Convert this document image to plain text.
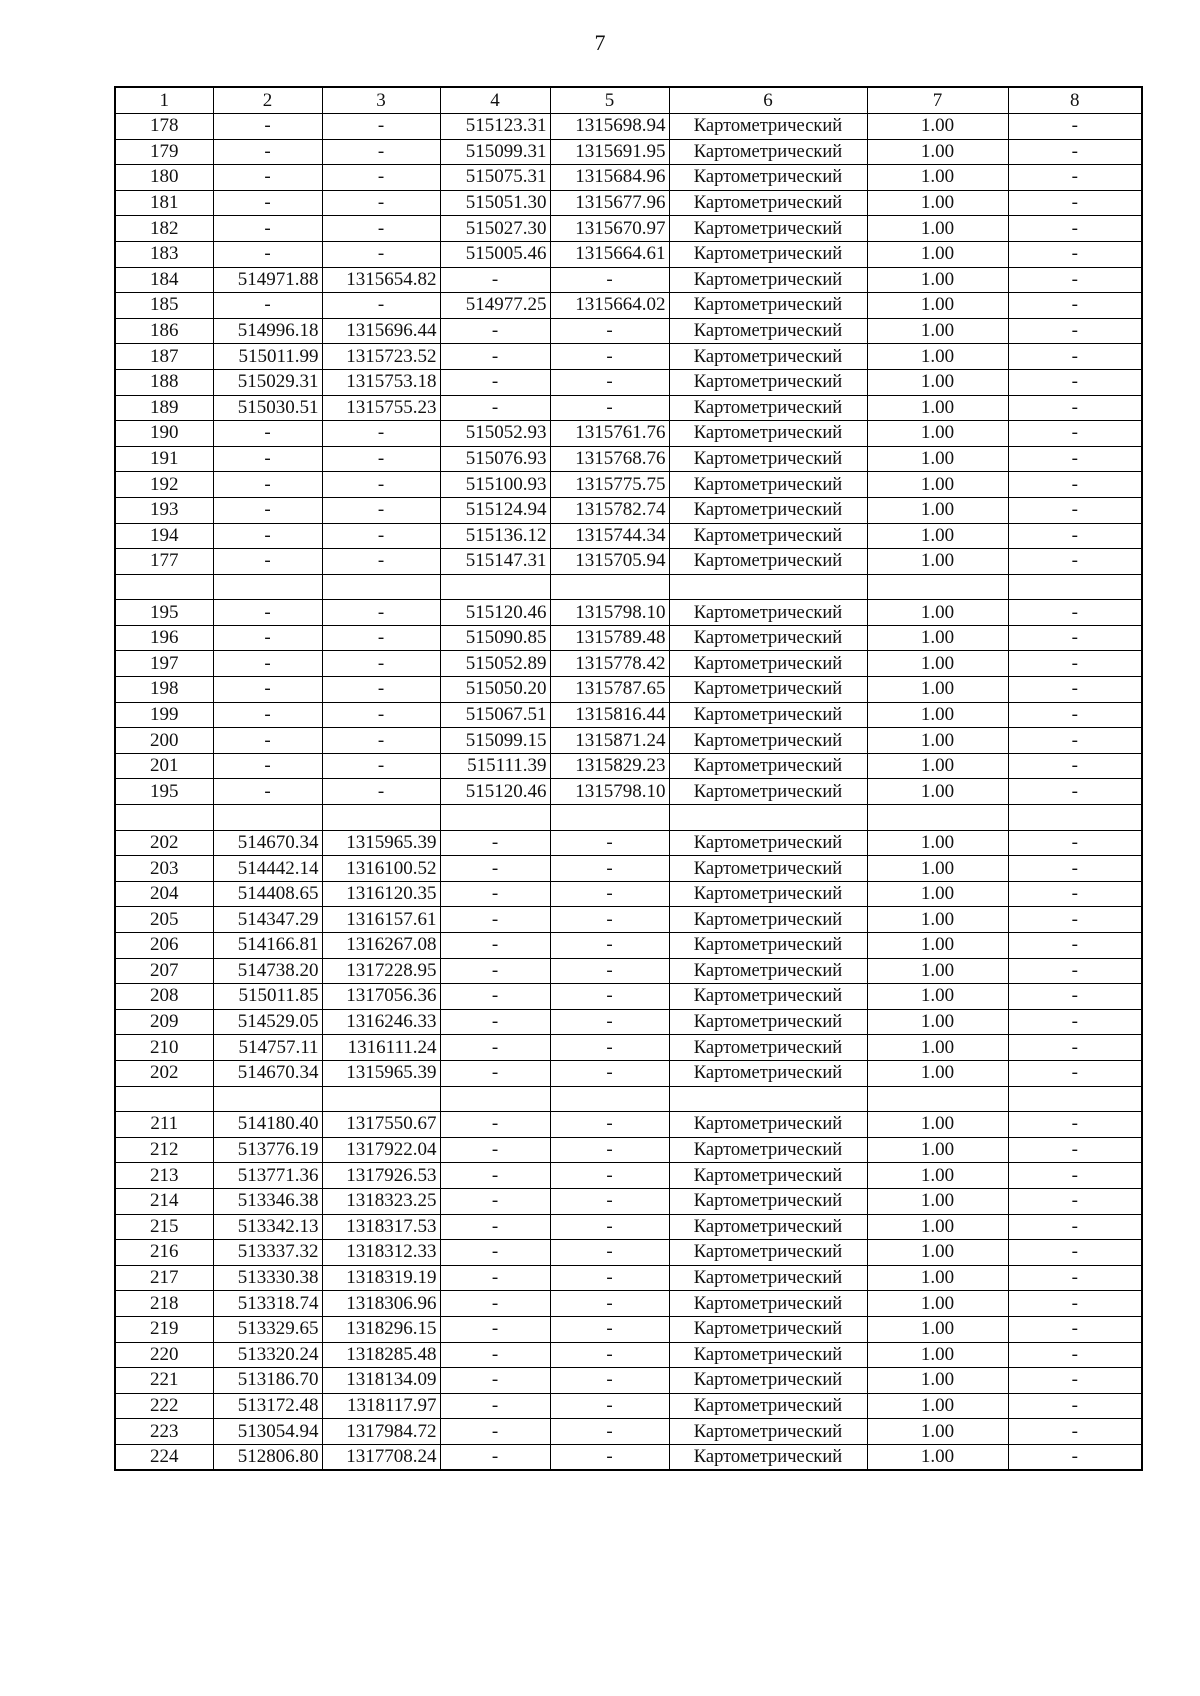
7
1	2	3	4	5	6	7	8
178	-	-	515123.31	1315698.94	Картометрический	1.00	-
179	-	-	515099.31	1315691.95	Картометрический	1.00	-
180	-	-	515075.31	1315684.96	Картометрический	1.00	-
181	-	-	515051.30	1315677.96	Картометрический	1.00	-
182	-	-	515027.30	1315670.97	Картометрический	1.00	-
183	-	-	515005.46	1315664.61	Картометрический	1.00	-
184	514971.88	1315654.82	-	-	Картометрический	1.00	-
185	-	-	514977.25	1315664.02	Картометрический	1.00	-
186	514996.18	1315696.44	-	-	Картометрический	1.00	-
187	515011.99	1315723.52	-	-	Картометрический	1.00	-
188	515029.31	1315753.18	-	-	Картометрический	1.00	-
189	515030.51	1315755.23	-	-	Картометрический	1.00	-
190	-	-	515052.93	1315761.76	Картометрический	1.00	-
191	-	-	515076.93	1315768.76	Картометрический	1.00	-
192	-	-	515100.93	1315775.75	Картометрический	1.00	-
193	-	-	515124.94	1315782.74	Картометрический	1.00	-
194	-	-	515136.12	1315744.34	Картометрический	1.00	-
177	-	-	515147.31	1315705.94	Картометрический	1.00	-

195	-	-	515120.46	1315798.10	Картометрический	1.00	-
196	-	-	515090.85	1315789.48	Картометрический	1.00	-
197	-	-	515052.89	1315778.42	Картометрический	1.00	-
198	-	-	515050.20	1315787.65	Картометрический	1.00	-
199	-	-	515067.51	1315816.44	Картометрический	1.00	-
200	-	-	515099.15	1315871.24	Картометрический	1.00	-
201	-	-	515111.39	1315829.23	Картометрический	1.00	-
195	-	-	515120.46	1315798.10	Картометрический	1.00	-

202	514670.34	1315965.39	-	-	Картометрический	1.00	-
203	514442.14	1316100.52	-	-	Картометрический	1.00	-
204	514408.65	1316120.35	-	-	Картометрический	1.00	-
205	514347.29	1316157.61	-	-	Картометрический	1.00	-
206	514166.81	1316267.08	-	-	Картометрический	1.00	-
207	514738.20	1317228.95	-	-	Картометрический	1.00	-
208	515011.85	1317056.36	-	-	Картометрический	1.00	-
209	514529.05	1316246.33	-	-	Картометрический	1.00	-
210	514757.11	1316111.24	-	-	Картометрический	1.00	-
202	514670.34	1315965.39	-	-	Картометрический	1.00	-

211	514180.40	1317550.67	-	-	Картометрический	1.00	-
212	513776.19	1317922.04	-	-	Картометрический	1.00	-
213	513771.36	1317926.53	-	-	Картометрический	1.00	-
214	513346.38	1318323.25	-	-	Картометрический	1.00	-
215	513342.13	1318317.53	-	-	Картометрический	1.00	-
216	513337.32	1318312.33	-	-	Картометрический	1.00	-
217	513330.38	1318319.19	-	-	Картометрический	1.00	-
218	513318.74	1318306.96	-	-	Картометрический	1.00	-
219	513329.65	1318296.15	-	-	Картометрический	1.00	-
220	513320.24	1318285.48	-	-	Картометрический	1.00	-
221	513186.70	1318134.09	-	-	Картометрический	1.00	-
222	513172.48	1318117.97	-	-	Картометрический	1.00	-
223	513054.94	1317984.72	-	-	Картометрический	1.00	-
224	512806.80	1317708.24	-	-	Картометрический	1.00	-
